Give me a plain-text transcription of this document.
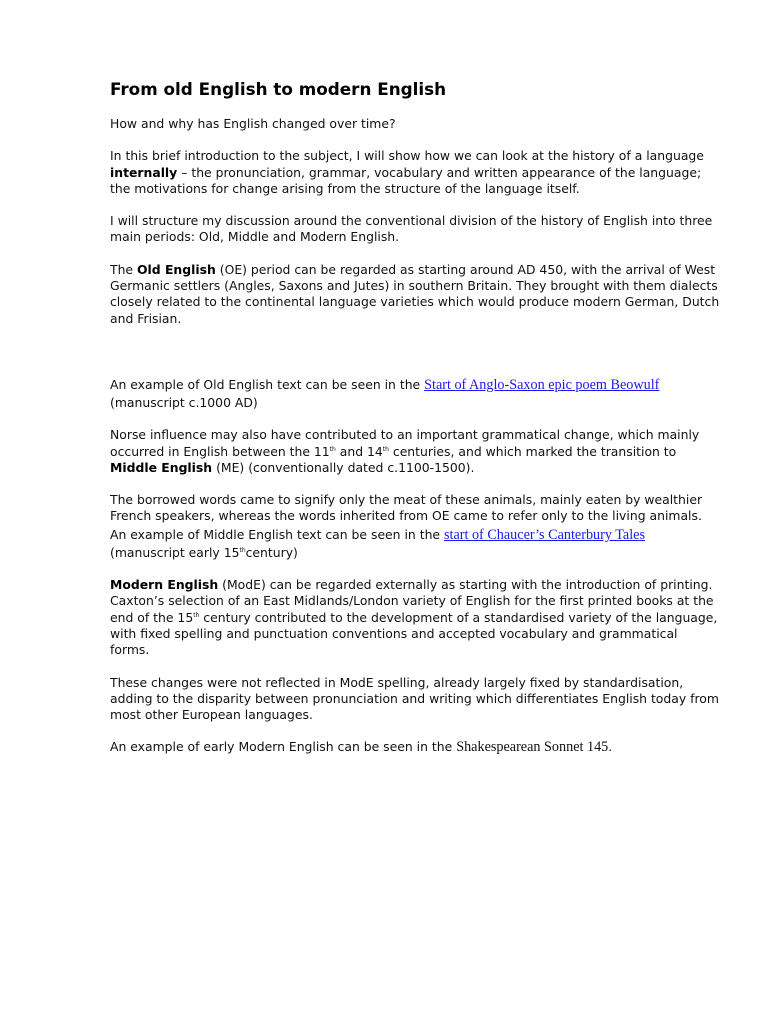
From old English to modern English

How and why has English changed over time?

In this brief introduction to the subject, I will show how we can look at the history of a language internally – the pronunciation, grammar, vocabulary and written appearance of the language; the motivations for change arising from the structure of the language itself.

I will structure my discussion around the conventional division of the history of English into three main periods: Old, Middle and Modern English.

The Old English (OE) period can be regarded as starting around AD 450, with the arrival of West Germanic settlers (Angles, Saxons and Jutes) in southern Britain. They brought with them dialects closely related to the continental language varieties which would produce modern German, Dutch and Frisian.

An example of Old English text can be seen in the Start of Anglo-Saxon epic poem Beowulf (manuscript c.1000 AD)

Norse influence may also have contributed to an important grammatical change, which mainly occurred in English between the 11th and 14th centuries, and which marked the transition to Middle English (ME) (conventionally dated c.1100-1500).

The borrowed words came to signify only the meat of these animals, mainly eaten by wealthier French speakers, whereas the words inherited from OE came to refer only to the living animals. An example of Middle English text can be seen in the start of Chaucer’s Canterbury Tales (manuscript early 15thcentury)

Modern English (ModE) can be regarded externally as starting with the introduction of printing. Caxton’s selection of an East Midlands/London variety of English for the first printed books at the end of the 15th century contributed to the development of a standardised variety of the language, with fixed spelling and punctuation conventions and accepted vocabulary and grammatical forms.

These changes were not reflected in ModE spelling, already largely fixed by standardisation, adding to the disparity between pronunciation and writing which differentiates English today from most other European languages.

An example of early Modern English can be seen in the Shakespearean Sonnet 145.
